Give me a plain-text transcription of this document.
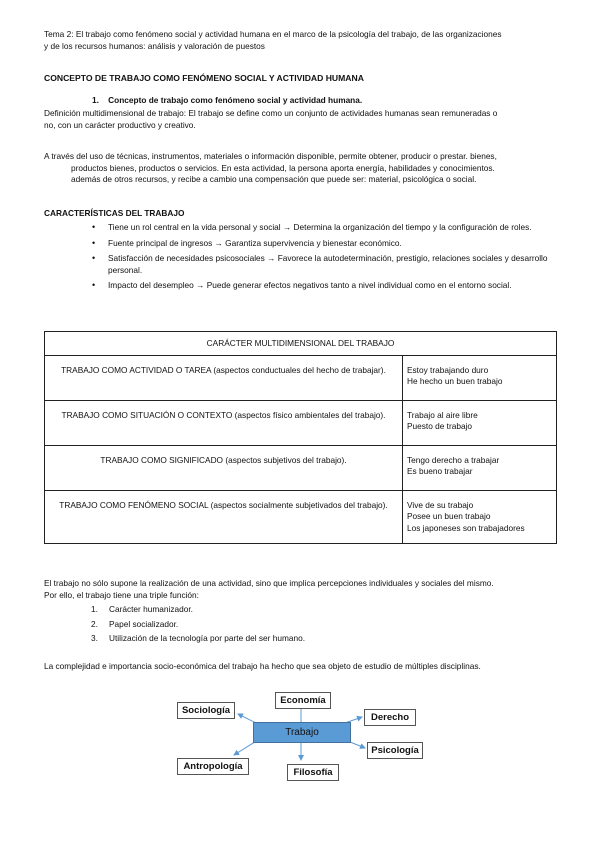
Tema 2: El trabajo como fenómeno social y actividad humana en el marco de la psicología del trabajo, de las organizaciones
y de los recursos humanos: análisis y valoración de puestos
CONCEPTO DE TRABAJO COMO FENÓMENO SOCIAL Y ACTIVIDAD HUMANA
1.    Concepto de trabajo como fenómeno social y actividad humana.
Definición multidimensional de trabajo: El trabajo se define como un conjunto de actividades humanas sean remuneradas o
no, con un carácter productivo y creativo.
A través del uso de técnicas, instrumentos, materiales o información disponible, permite obtener, producir o prestar. bienes,
productos bienes, productos o servicios. En esta actividad, la persona aporta energía, habilidades y conocimientos.
además de otros recursos, y recibe a cambio una compensación que puede ser: material, psicológica o social.
CARACTERÍSTICAS DEL TRABAJO
• Tiene un rol central en la vida personal y social → Determina la organización del tiempo y la configuración de roles.
• Fuente principal de ingresos → Garantiza supervivencia y bienestar económico.
• Satisfacción de necesidades psicosociales → Favorece la autodeterminación, prestigio, relaciones sociales y desarrollo personal.
• Impacto del desempleo → Puede generar efectos negativos tanto a nivel individual como en el entorno social.
CARÁCTER MULTIDIMENSIONAL DEL TRABAJO	
TRABAJO COMO ACTIVIDAD O TAREA (aspectos conductuales del hecho de trabajar).	Estoy trabajando duro
He hecho un buen trabajo

TRABAJO COMO SITUACIÓN O CONTEXTO (aspectos físico ambientales del trabajo).	Trabajo al aire libre
Puesto de trabajo

TRABAJO COMO SIGNIFICADO (aspectos subjetivos del trabajo).	Tengo derecho a trabajar
Es bueno trabajar

TRABAJO COMO FENÓMENO SOCIAL (aspectos socialmente subjetivados del trabajo).	Vive de su trabajo
Posee un buen trabajo
Los japoneses son trabajadores
El trabajo no sólo supone la realización de una actividad, sino que implica percepciones individuales y sociales del mismo.
Por ello, el trabajo tiene una triple función:
1. Carácter humanizador.
2. Papel socializador.
3. Utilización de la tecnología por parte del ser humano.
La complejidad e importancia socio-económica del trabajo ha hecho que sea objeto de estudio de múltiples disciplinas.
Trabajo
Sociología
Economía
Derecho
Psicología
Filosofía
Antropología
